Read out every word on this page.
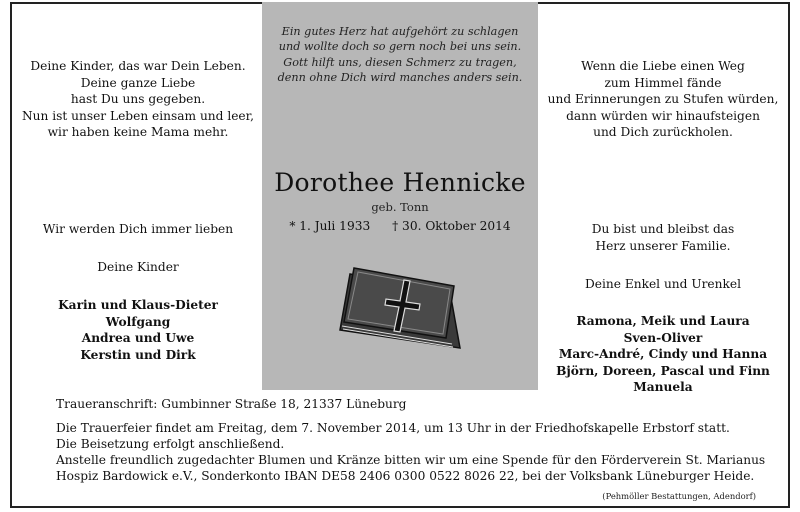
Ein gutes Herz hat aufgehört zu schlagen
und wollte doch so gern noch bei uns sein.
Gott hilft uns, diesen Schmerz zu tragen,
denn ohne Dich wird manches anders sein.
Deine Kinder, das war Dein Leben.
Deine ganze Liebe
hast Du uns gegeben.
Nun ist unser Leben einsam und leer,
wir haben keine Mama mehr.
Wenn die Liebe einen Weg
zum Himmel fände
und Erinnerungen zu Stufen würden,
dann würden wir hinaufsteigen
und Dich zurückholen.
Dorothee Hennicke
geb. Tonn
* 1. Juli 1933 † 30. Oktober 2014
Wir werden Dich immer lieben
Deine Kinder
Karin und Klaus-Dieter
Wolfgang
Andrea und Uwe
Kerstin und Dirk
Du bist und bleibst das
Herz unserer Familie.
Deine Enkel und Urenkel
Ramona, Meik und Laura
Sven-Oliver
Marc-André, Cindy und Hanna
Björn, Doreen, Pascal und Finn
Manuela
Traueranschrift: Gumbinner Straße 18, 21337 Lüneburg
Die Trauerfeier findet am Freitag, dem 7. November 2014, um 13 Uhr in der Friedhofskapelle Erbstorf statt.
Die Beisetzung erfolgt anschließend.
Anstelle freundlich zugedachter Blumen und Kränze bitten wir um eine Spende für den Förderverein St. Marianus
Hospiz Bardowick e.V., Sonderkonto IBAN DE58 2406 0300 0522 8026 22, bei der Volksbank Lüneburger Heide.
(Pehmöller Bestattungen, Adendorf)
